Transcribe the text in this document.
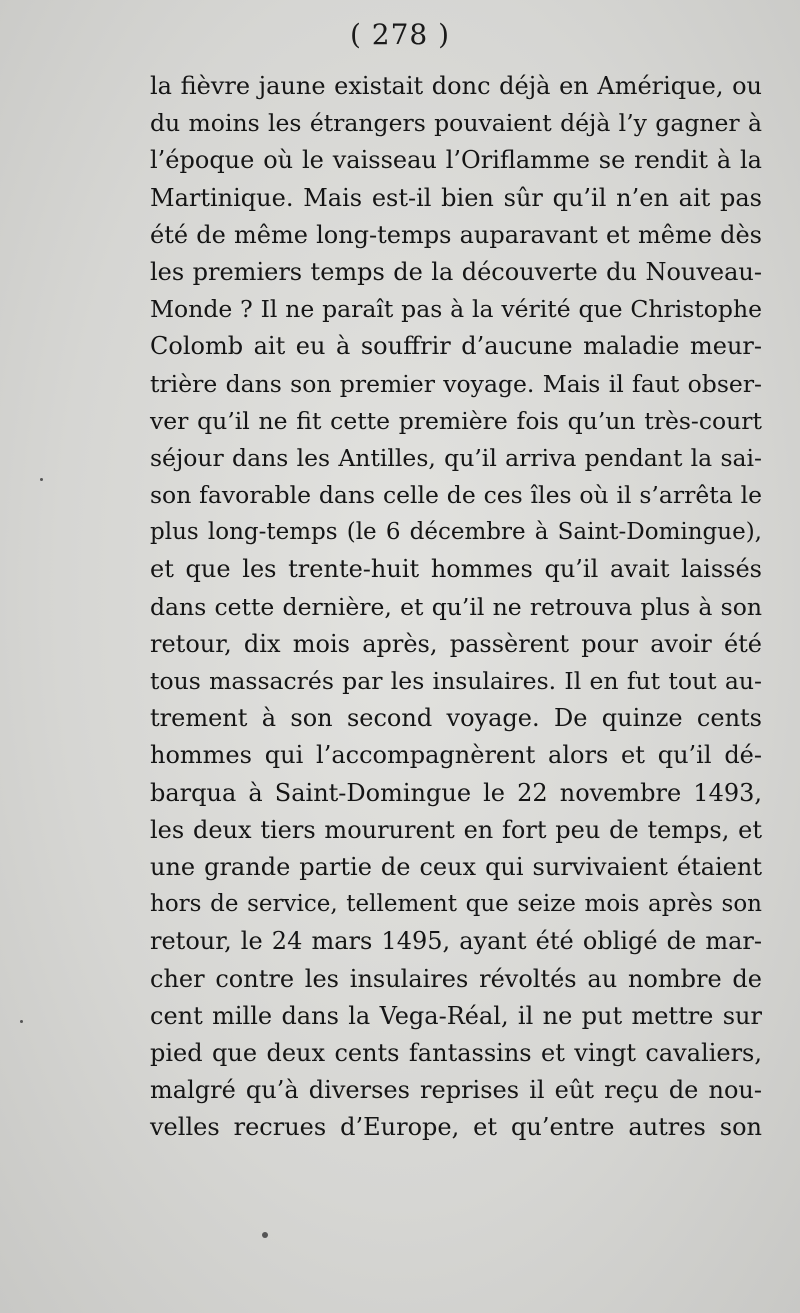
( 278 )
la fièvre jaune existait donc déjà en Amérique, ou
du moins les étrangers pouvaient déjà l’y gagner à
l’époque où le vaisseau l’Oriflamme se rendit à la
Martinique. Mais est-il bien sûr qu’il n’en ait pas
été de même long-temps auparavant et même dès
les premiers temps de la découverte du Nouveau-
Monde ? Il ne paraît pas à la vérité que Christophe
Colomb ait eu à souffrir d’aucune maladie meur-
trière dans son premier voyage. Mais il faut obser-
ver qu’il ne fit cette première fois qu’un très-court
séjour dans les Antilles, qu’il arriva pendant la sai-
son favorable dans celle de ces îles où il s’arrêta le
plus long-temps (le 6 décembre à Saint-Domingue),
et que les trente-huit hommes qu’il avait laissés
dans cette dernière, et qu’il ne retrouva plus à son
retour, dix mois après, passèrent pour avoir été
tous massacrés par les insulaires. Il en fut tout au-
trement à son second voyage. De quinze cents
hommes qui l’accompagnèrent alors et qu’il dé-
barqua à Saint-Domingue le 22 novembre 1493,
les deux tiers moururent en fort peu de temps, et
une grande partie de ceux qui survivaient étaient
hors de service, tellement que seize mois après son
retour, le 24 mars 1495, ayant été obligé de mar-
cher contre les insulaires révoltés au nombre de
cent mille dans la Vega-Réal, il ne put mettre sur
pied que deux cents fantassins et vingt cavaliers,
malgré qu’à diverses reprises il eût reçu de nou-
velles recrues d’Europe, et qu’entre autres son
